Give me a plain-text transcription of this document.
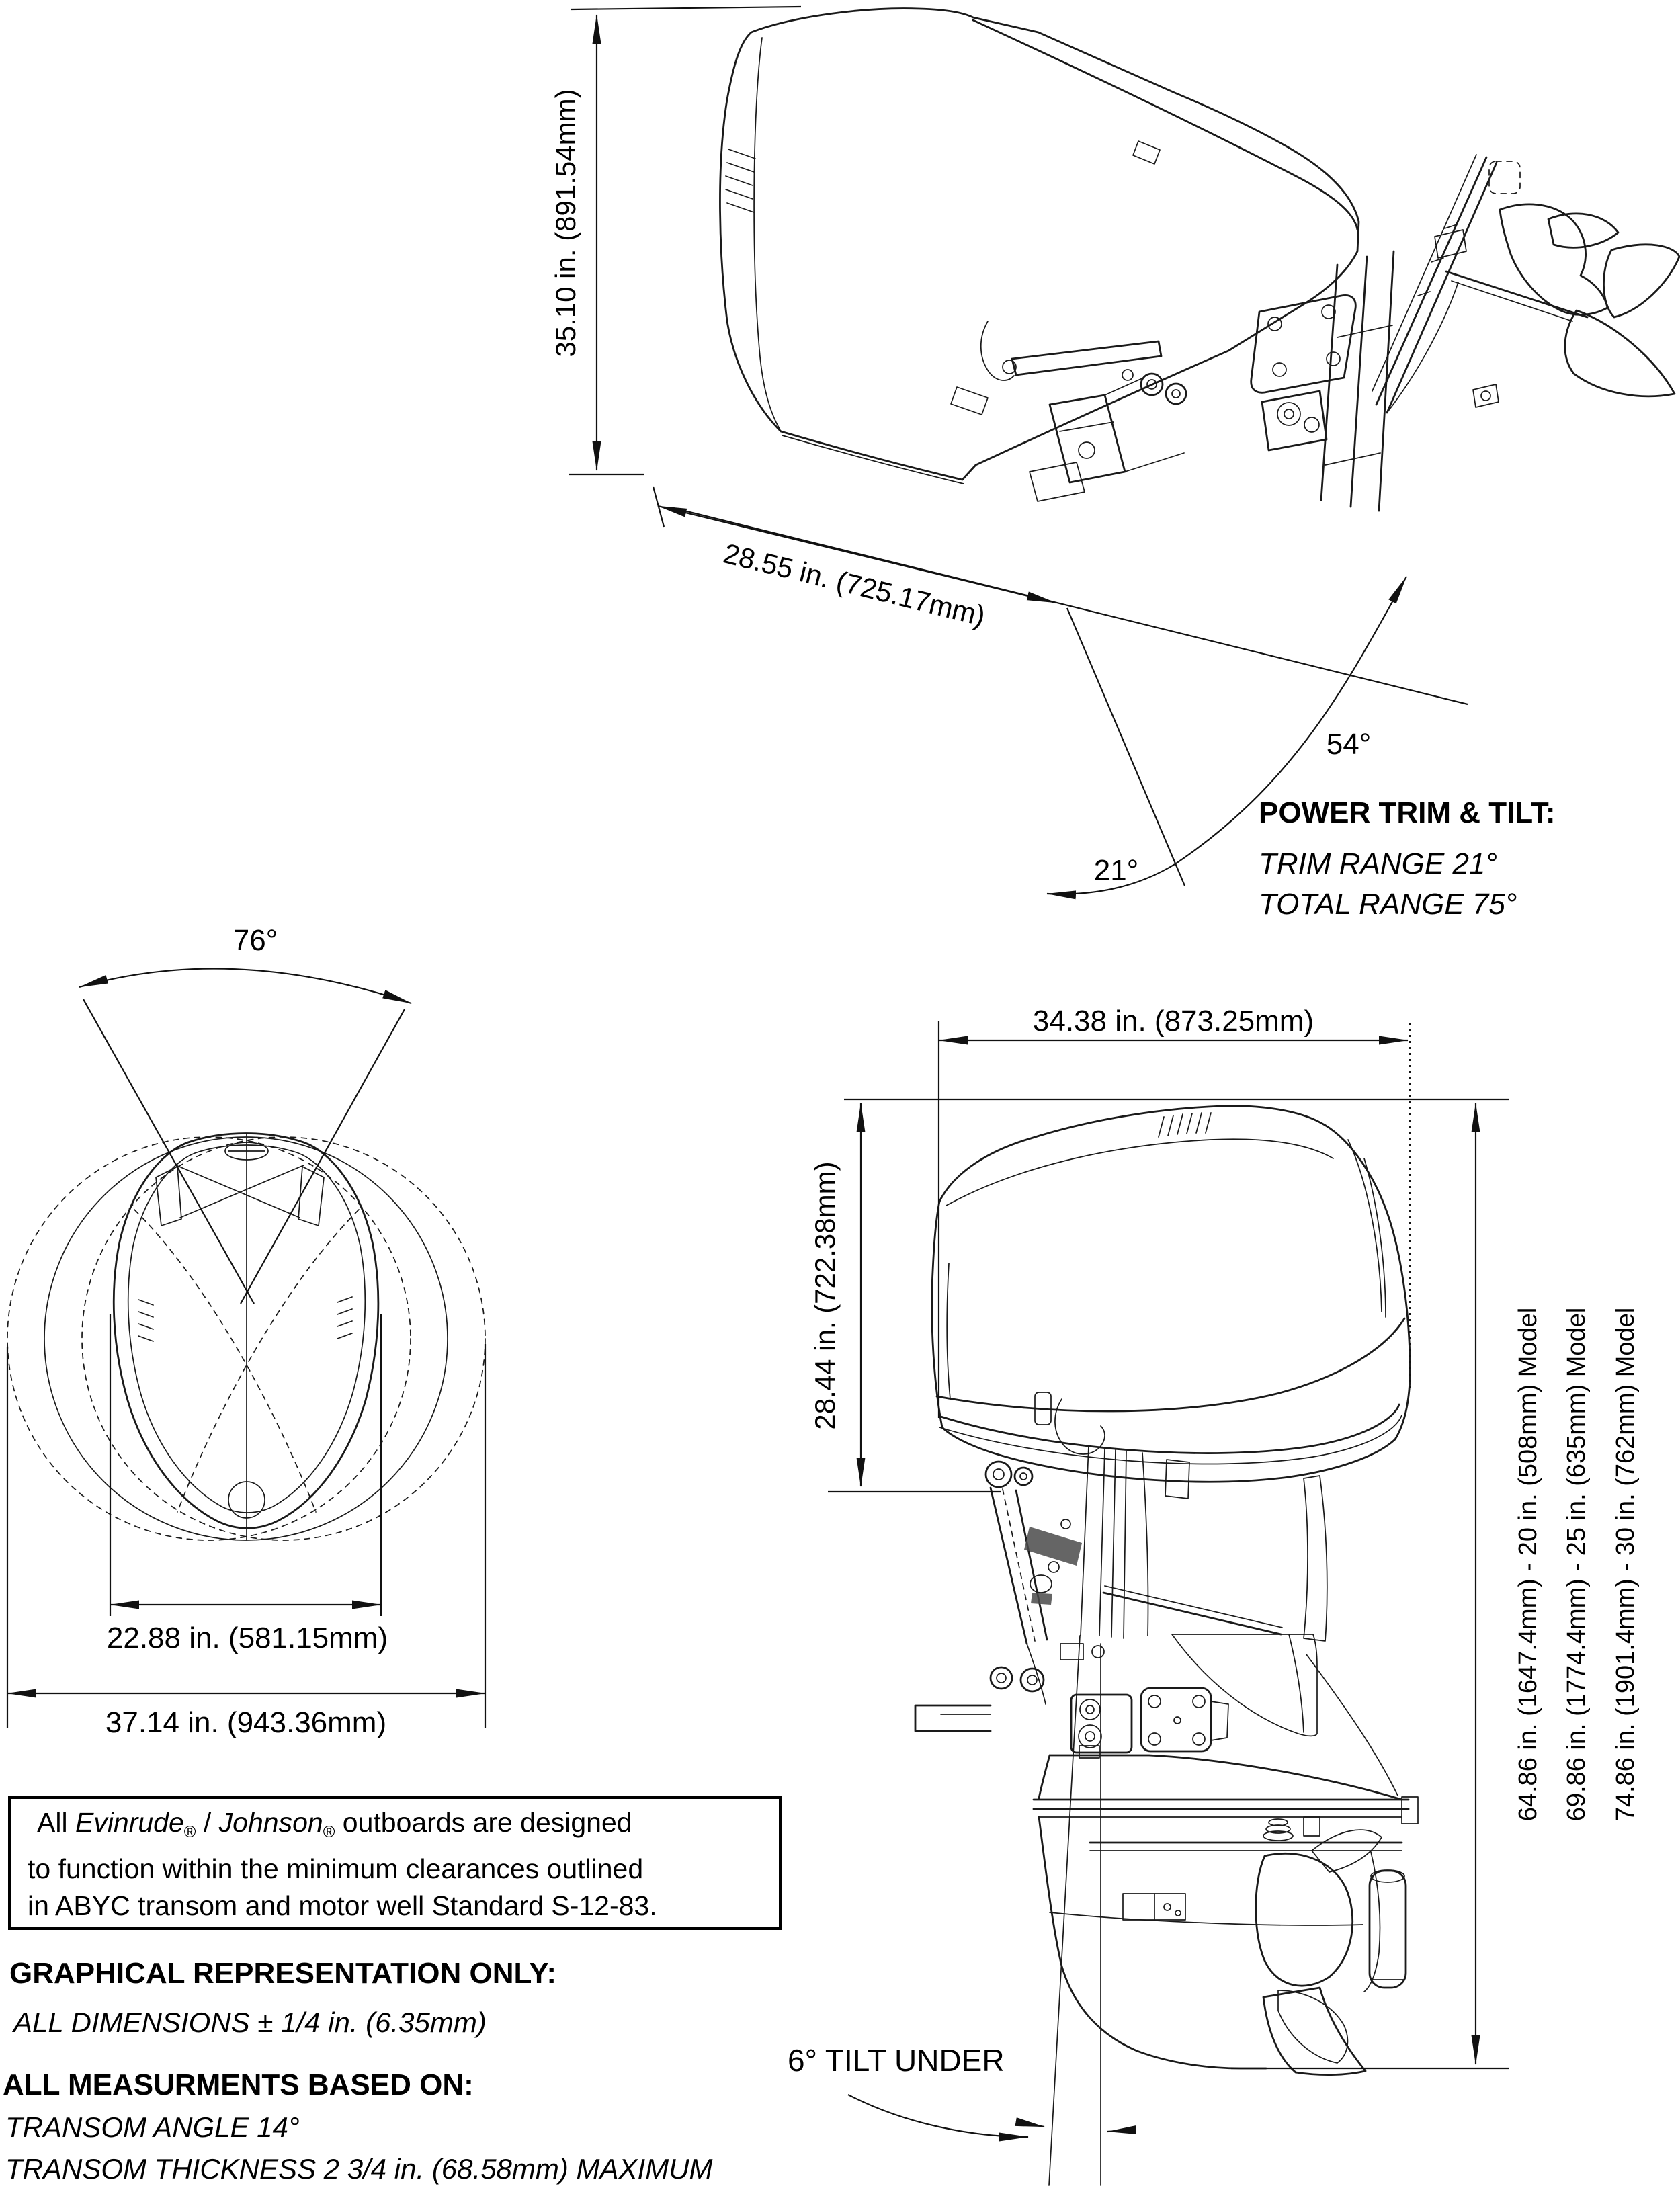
35.10 in. (891.54mm)
28.55 in. (725.17mm)
54°
21°
POWER TRIM & TILT:
TRIM RANGE 21°
TOTAL RANGE 75°
76°
22.88 in. (581.15mm)
37.14 in. (943.36mm)
34.38 in. (873.25mm)
28.44 in. (722.38mm)
64.86 in. (1647.4mm) - 20 in. (508mm) Model 69.86 in. (1774.4mm) - 25 in. (635mm) Model 74.86 in. (1901.4mm) - 30 in. (762mm) Model
6° TILT UNDER
All Evinrude$_®$ / Johnson$_®$ outboards are designed
to function within the minimum clearances outlined
in ABYC transom and motor well Standard S-12-83.
GRAPHICAL REPRESENTATION ONLY:
ALL DIMENSIONS ± 1/4 in. (6.35mm)
ALL MEASURMENTS BASED ON:
TRANSOM ANGLE 14°
TRANSOM THICKNESS 2 3/4 in. (68.58mm) MAXIMUM
